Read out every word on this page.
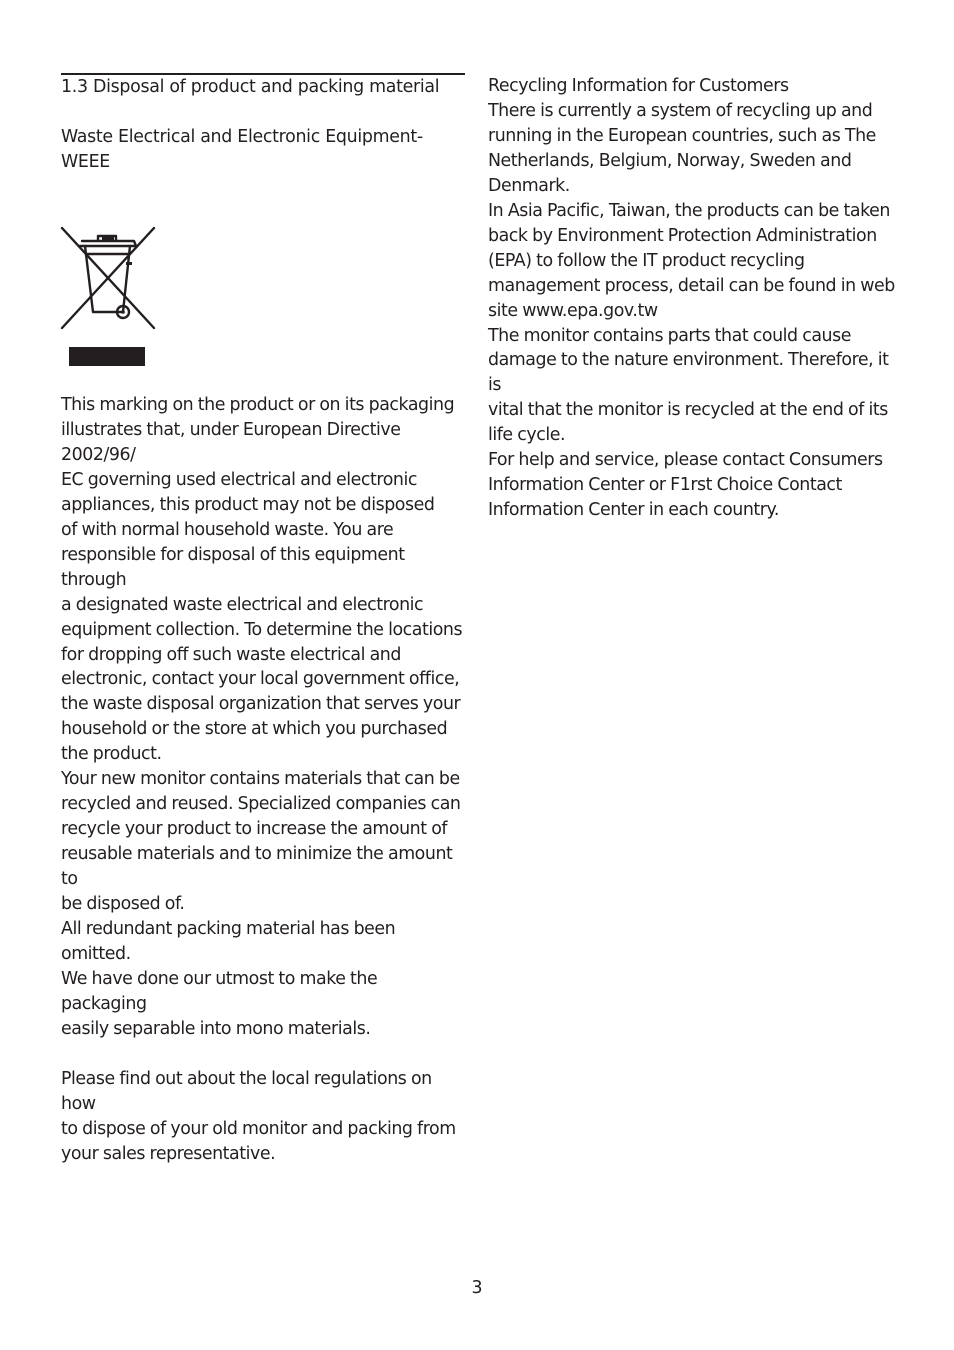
1.3 Disposal of product and packing material
Waste Electrical and Electronic Equipment-
WEEE
This marking on the product or on its packaging
illustrates that, under European Directive 2002/96/
EC governing used electrical and electronic
appliances, this product may not be disposed
of with normal household waste. You are
responsible for disposal of this equipment through
a designated waste electrical and electronic
equipment collection. To determine the locations
for dropping off such waste electrical and
electronic, contact your local government office,
the waste disposal organization that serves your
household or the store at which you purchased
the product.
Your new monitor contains materials that can be
recycled and reused. Specialized companies can
recycle your product to increase the amount of
reusable materials and to minimize the amount to
be disposed of.
All redundant packing material has been omitted.
We have done our utmost to make the packaging
easily separable into mono materials.
Please find out about the local regulations on how
to dispose of your old monitor and packing from
your sales representative.
Recycling Information for Customers
There is currently a system of recycling up and
running in the European countries, such as The
Netherlands, Belgium, Norway, Sweden and
Denmark.
In Asia Pacific, Taiwan, the products can be taken
back by Environment Protection Administration
(EPA) to follow the IT product recycling
management process, detail can be found in web
site www.epa.gov.tw
The monitor contains parts that could cause
damage to the nature environment. Therefore, it is
vital that the monitor is recycled at the end of its
life cycle.
For help and service, please contact Consumers
Information Center or F1rst Choice Contact
Information Center in each country.
3
